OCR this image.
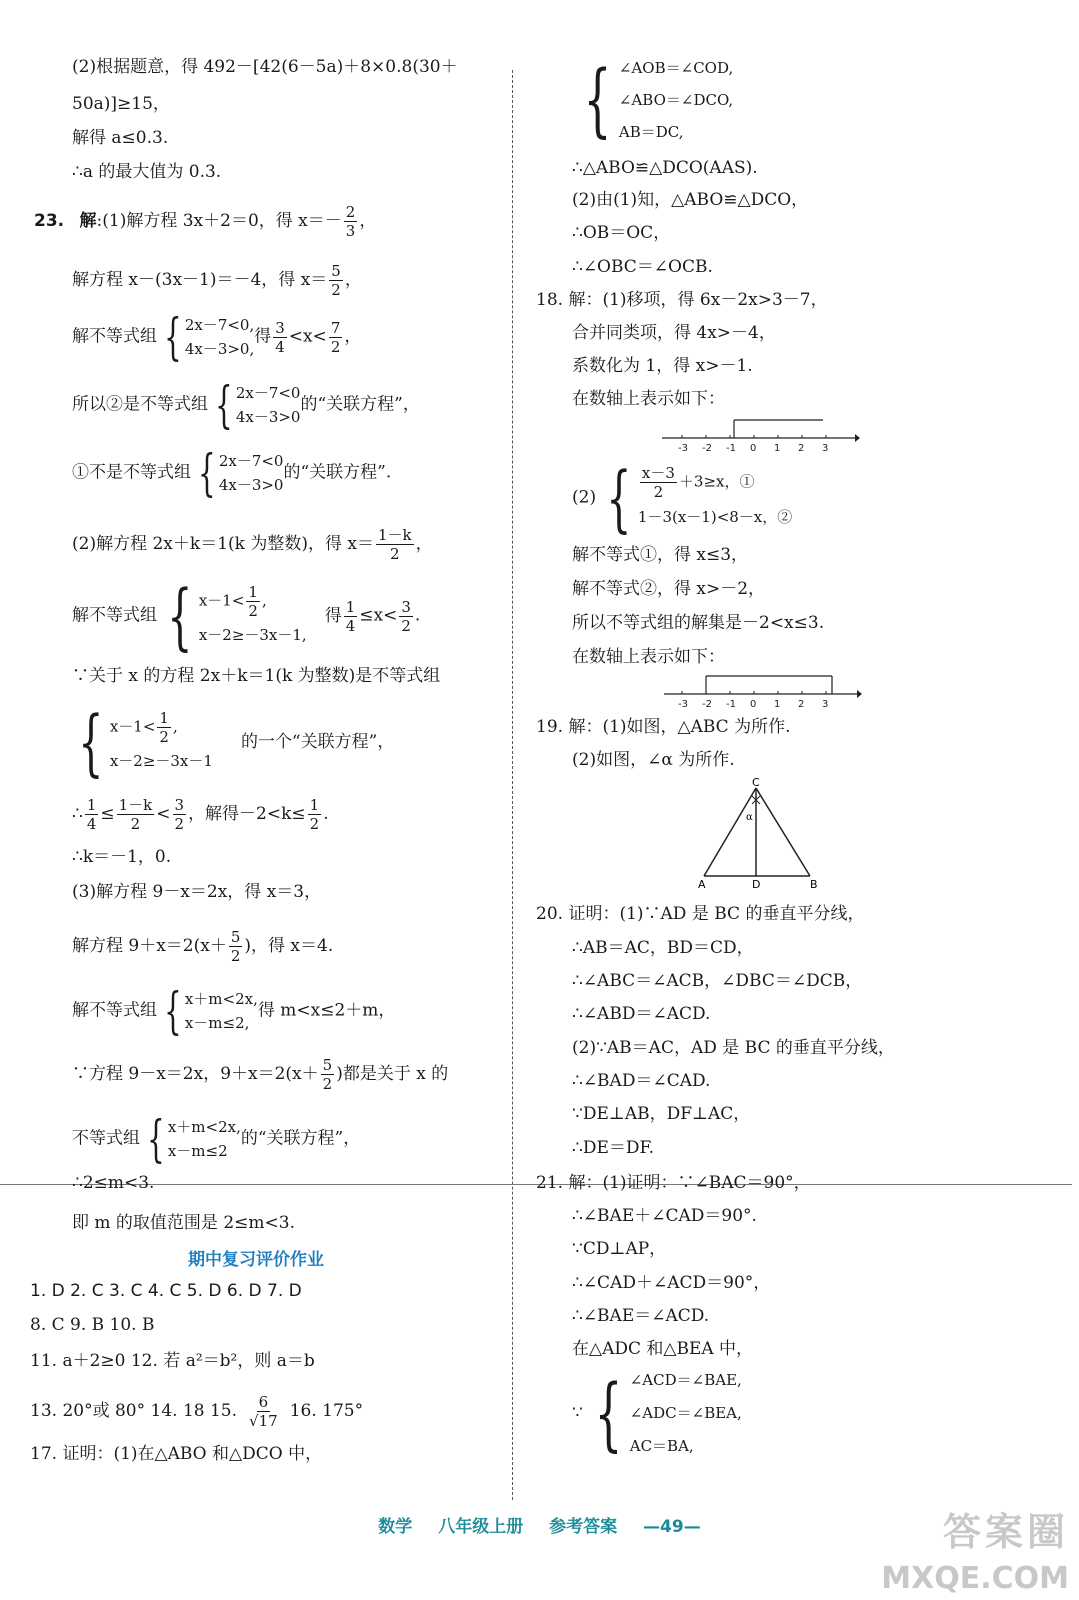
(2)根据题意，得 492－[42(6－5a)＋8×0.8(30＋
50a)]≥15，
解得 a≤0.3.
∴a 的最大值为 0.3.
23. 解:(1)解方程 3x＋2＝0，得 $x=- \frac{2}{3}$ ，
解方程 x－(3x－1)＝－4，得 $x= \frac{5}{2}$ ，
解不等式组 { 2x－7<0,
4x－3>0,
得 $\frac{3}{4} <x< \frac{7}{2}$ ，
所以②是不等式组 { 2x－7<0
4x－3>0
的“关联方程”，
①不是不等式组 { 2x－7<0
4x－3>0
的“关联方程”.
(2)解方程 2x＋k＝1(k 为整数)，得 $x= \frac{1-k}{2}$ ，
解不等式组 { $x-1< \frac{1}{2}$ ,
x－2≥－3x－1,
得 $\frac{1}{4} \le x< \frac{3}{2}$ .
∵关于 x 的方程 2x＋k＝1(k 为整数)是不等式组
{ $x-1< \frac{1}{2}$ ,
x－2≥－3x－1
的一个“关联方程”，
∴ $\frac{1}{4} \le \frac{1-k}{2} < \frac{3}{2}$ ，解得$-2<k\le \frac{1}{2}$ .
∴k＝－1，0.
(3)解方程 9－x＝2x，得 x＝3，
解方程 $9+x=2(x+ \frac{5}{2}$ )，得 x＝4.
解不等式组 { x＋m<2x,
x－m≤2,
得 m<x≤2＋m，
∵方程 9－x＝2x，$9+x=2(x+ \frac{5}{2}$ )都是关于 x 的
不等式组 { x＋m<2x,
x－m≤2
的“关联方程”，
∴2≤m<3.
即 m 的取值范围是 2≤m<3.
期中复习评价作业
1. D 2. C 3. C 4. C 5. D 6. D 7. D
8. C 9. B 10. B
11. a＋2≥0 12. 若 a²＝b²，则 a＝b
13. 20°或 80° 14. 18 15. $\frac{6}{√17} 16$. 175°
17. 证明：(1)在△ABO 和△DCO 中，
{ ∠AOB＝∠COD,
∠ABO＝∠DCO,
AB＝DC,
∴△ABO≌△DCO(AAS).
(2)由(1)知，△ABO≌△DCO，
∴OB＝OC，
∴∠OBC＝∠OCB.
18. 解：(1)移项，得 6x－2x>3－7，
合并同类项，得 4x>－4，
系数化为 1，得 x>－1.
在数轴上表示如下：
-3 -2 -1 0 1 2 3
(2) { $\frac{x-3}{2} +3\ge x$，①
1－3(x－1)<8－x，②
解不等式①，得 x≤3，
解不等式②，得 x>－2，
所以不等式组的解集是－2<x≤3.
在数轴上表示如下：
-3 -2 -1 0 1 2 3
19. 解：(1)如图，△ABC 为所作.
(2)如图，∠α 为所作.
C
A	D	B
α
20. 证明：(1)∵AD 是 BC 的垂直平分线，
∴AB＝AC，BD＝CD，
∴∠ABC＝∠ACB，∠DBC＝∠DCB，
∴∠ABD＝∠ACD.
(2)∵AB＝AC，AD 是 BC 的垂直平分线，
∴∠BAD＝∠CAD.
∵DE⊥AB，DF⊥AC，
∴DE＝DF.
21. 解：(1)证明：∵∠BAC＝90°，
∴∠BAE＋∠CAD＝90°.
∵CD⊥AP，
∴∠CAD＋∠ACD＝90°，
∴∠BAE＝∠ACD.
在△ADC 和△BEA 中，
∵ { ∠ACD＝∠BAE,
∠ADC＝∠BEA,
AC＝BA,
数学 八年级上册 参考答案 —49—	答案圈
MXQE.COM
